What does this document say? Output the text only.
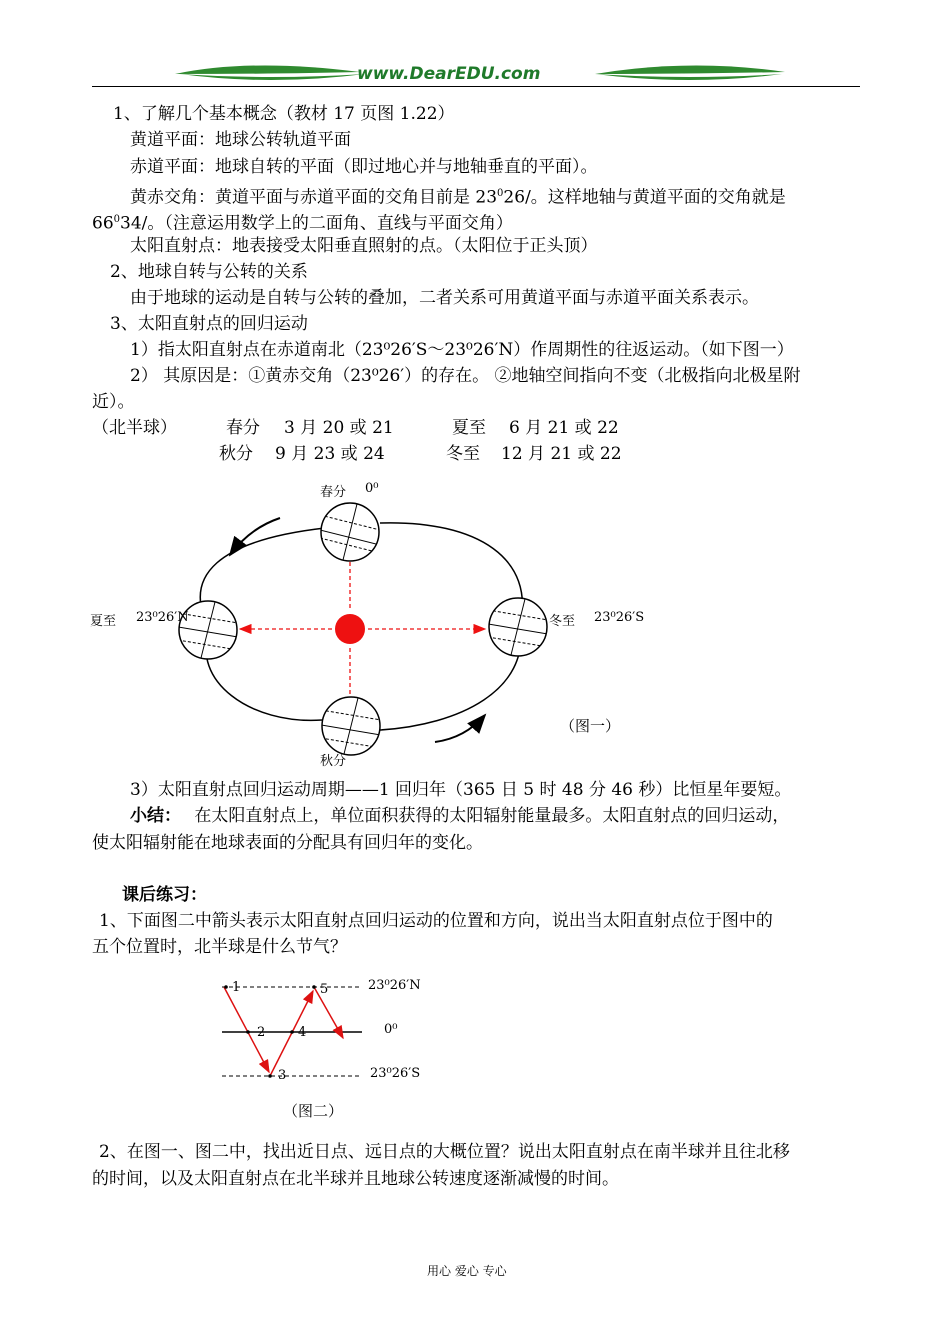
www.DearEDU.com
1、了解几个基本概念（教材 17 页图 1.22）
黄道平面：地球公转轨道平面
赤道平面：地球自转的平面（即过地心并与地轴垂直的平面）。
黄赤交角：黄道平面与赤道平面的交角目前是 $23^026/$。这样地轴与黄道平面的交角就是
$66^034/$。（注意运用数学上的二面角、直线与平面交角）
太阳直射点：地表接受太阳垂直照射的点。（太阳位于正头顶）
2、地球自转与公转的关系
由于地球的运动是自转与公转的叠加，二者关系可用黄道平面与赤道平面关系表示。
3、太阳直射点的回归运动
1）指太阳直射点在赤道南北（23⁰26′S～23⁰26′N）作周期性的往返运动。（如下图一）
2） 其原因是：①黄赤交角（23⁰26′）的存在。 ②地轴空间指向不变（北极指向北极星附
近）。
（北半球）	春分 3 月 20 或 21	夏至 6 月 21 或 22
秋分 9 月 23 或 24	冬至 12 月 21 或 22
春分 0⁰
夏至 23⁰26′N	冬至 23⁰26′S
秋分
（图一）
3）太阳直射点回归运动周期——1 回归年（365 日 5 时 48 分 46 秒）比恒星年要短。
小结： 在太阳直射点上，单位面积获得的太阳辐射能量最多。太阳直射点的回归运动，
使太阳辐射能在地球表面的分配具有回归年的变化。
课后练习：
1、下面图二中箭头表示太阳直射点回归运动的位置和方向，说出当太阳直射点位于图中的
五个位置时，北半球是什么节气？
1
2
3
4
5	23⁰26′N
0⁰
23⁰26′S
（图二）
2、在图一、图二中，找出近日点、远日点的大概位置？说出太阳直射点在南半球并且往北移
的时间，以及太阳直射点在北半球并且地球公转速度逐渐减慢的时间。
用心 爱心 专心
